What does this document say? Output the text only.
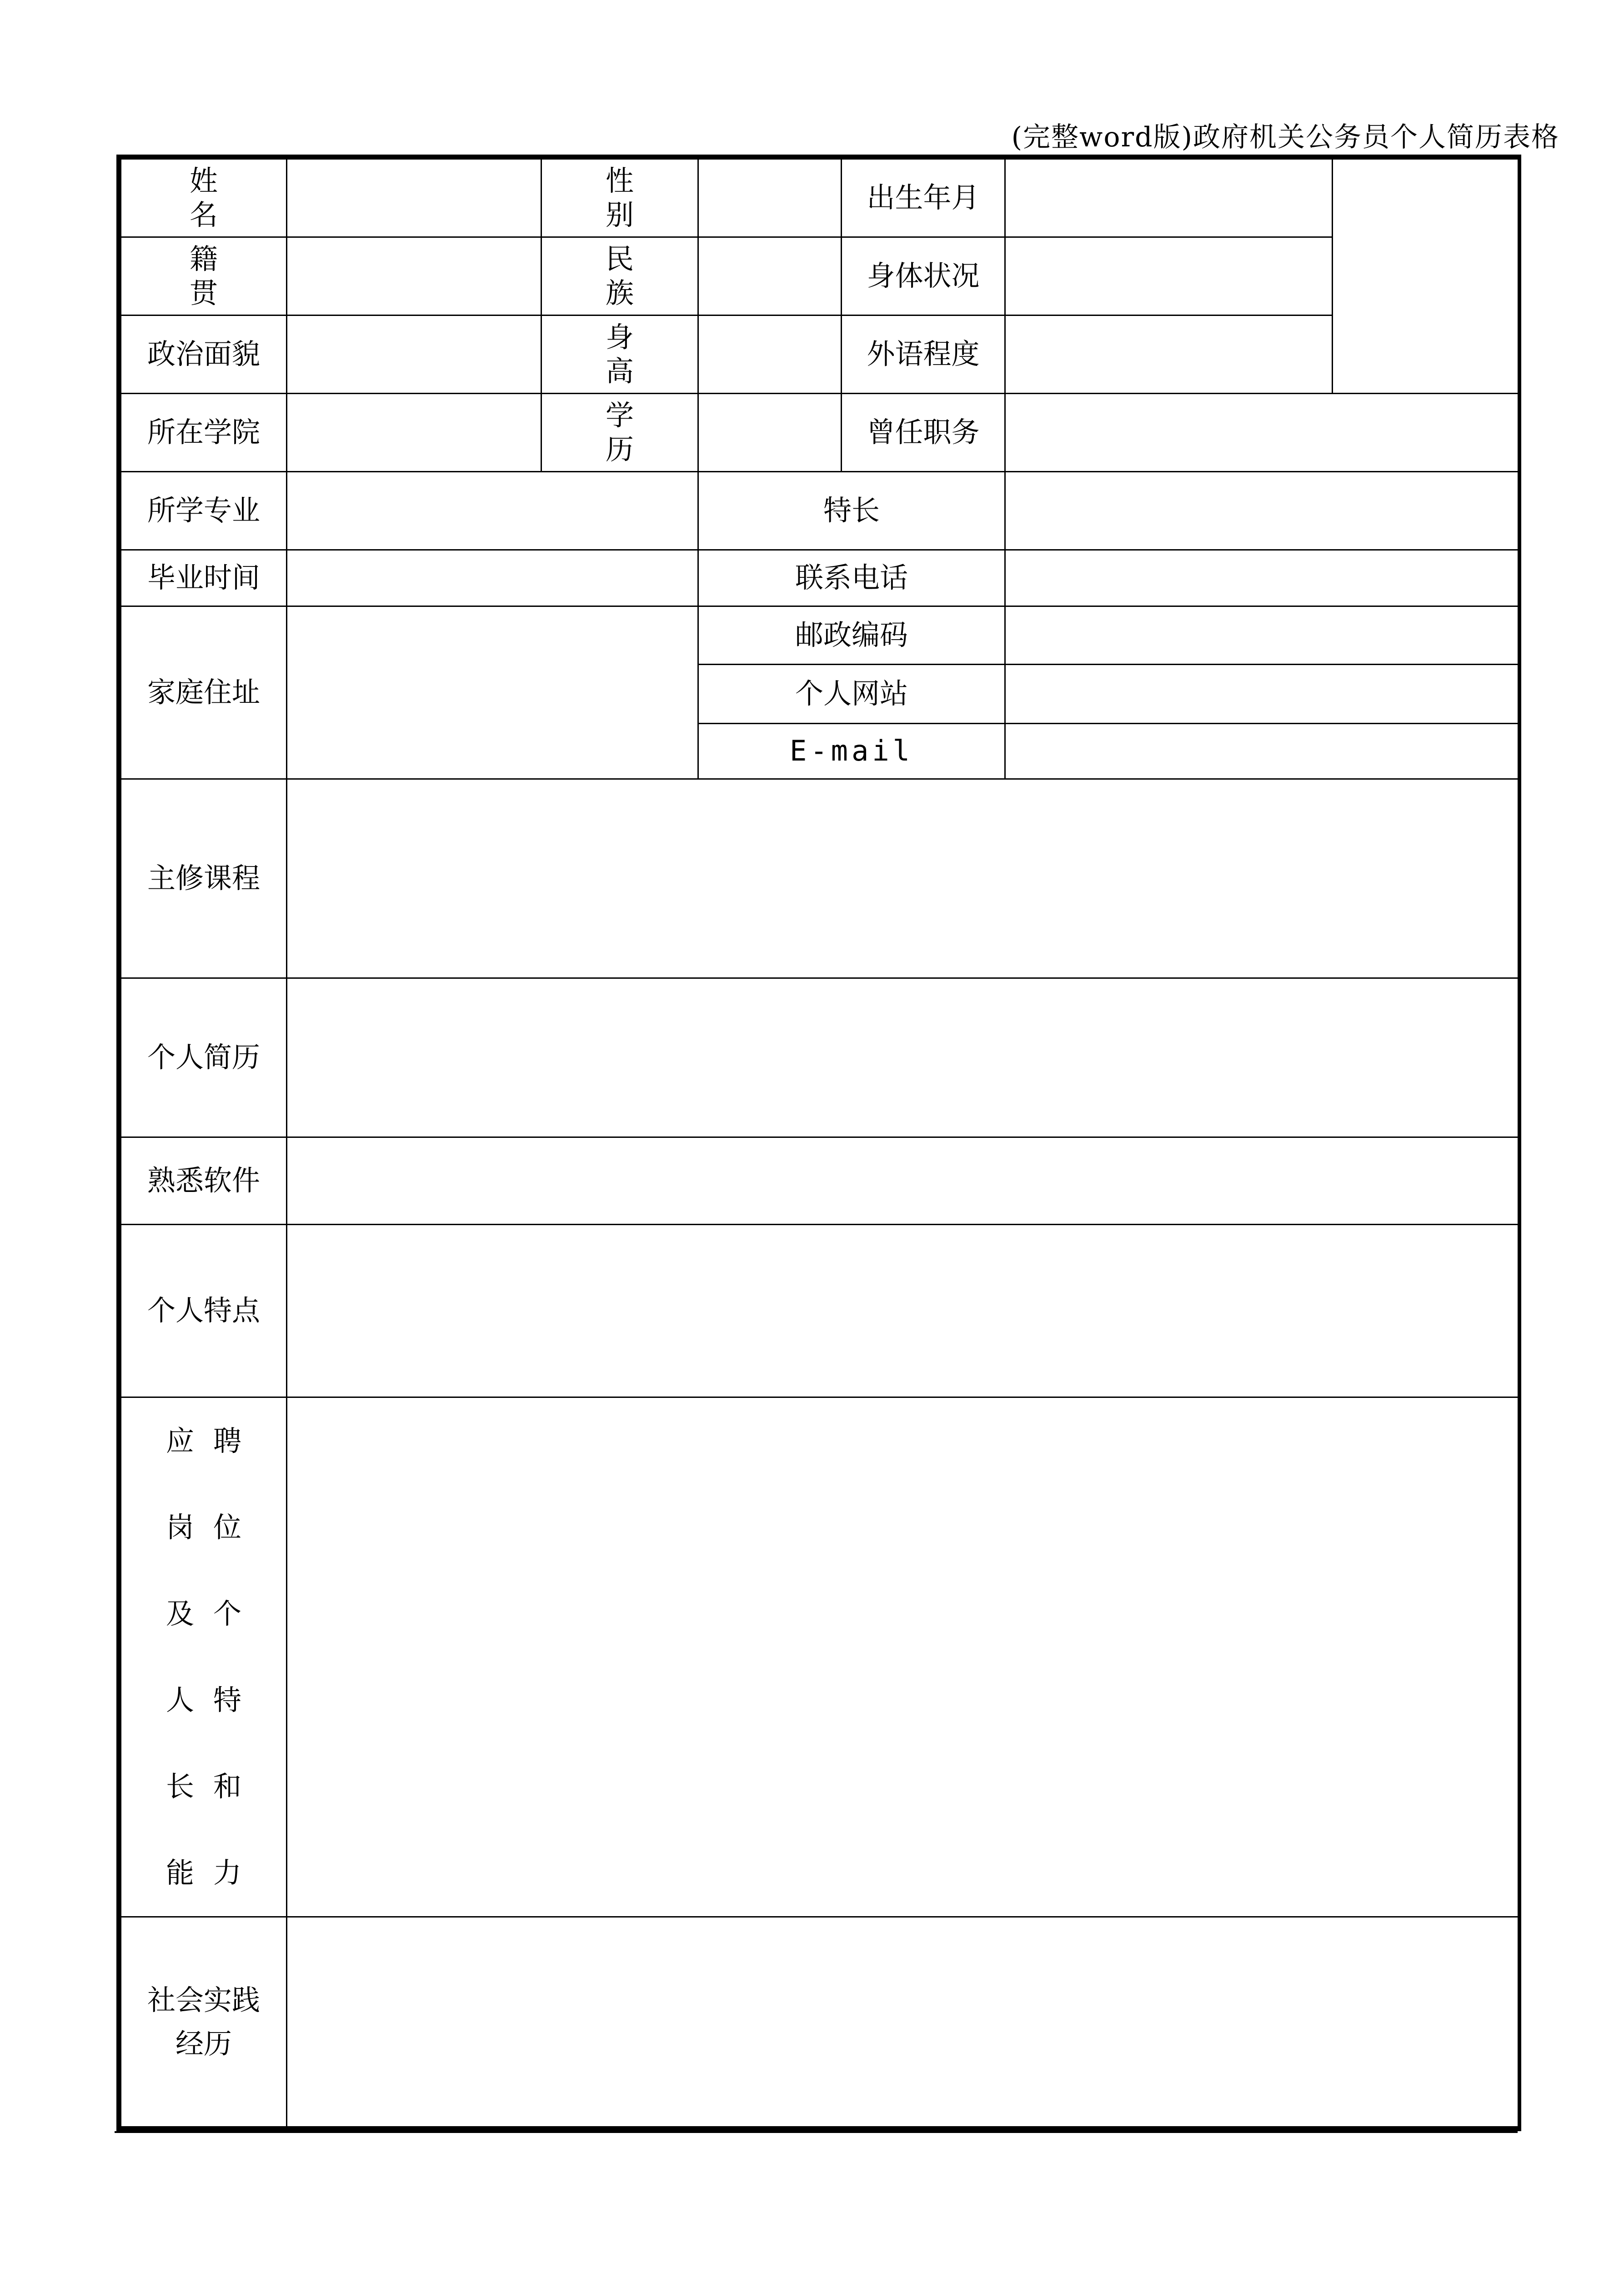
(完整word版)政府机关公务员个人简历表格
姓名		性别		出生年月		
籍贯		民族		身体状况		
政治面貌		身高		外语程度		
所在学院		学历		曾任职务		
所学专业			特长			
毕业时间			联系电话			
家庭住址			邮政编码			
			个人网站			
			E-mail			
主修课程						
个人简历						
熟悉软件						
个人特点						
应聘岗位及个人特长和能力						
社会实践经历						
